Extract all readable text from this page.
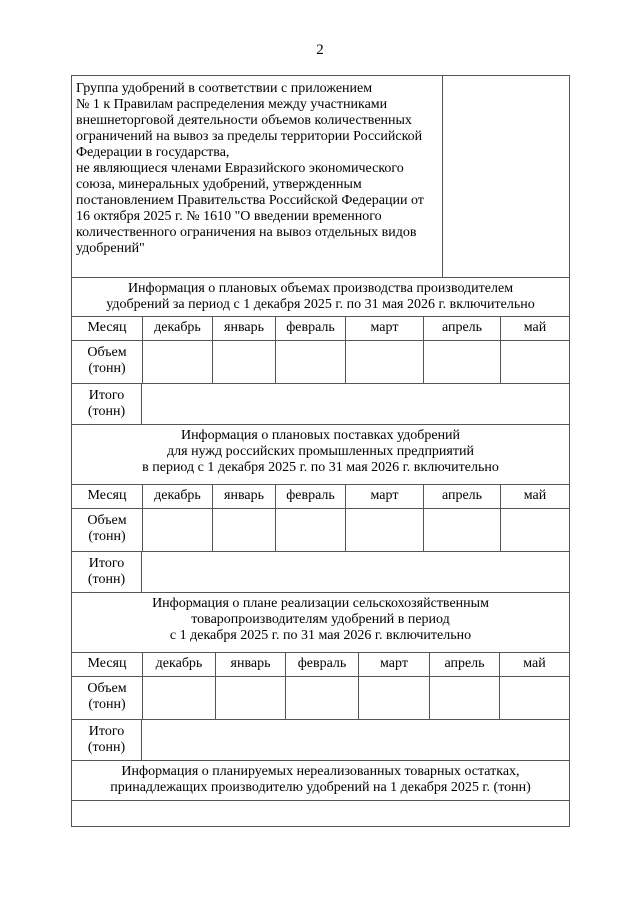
2
Группа удобрений в соответствии с приложением
№ 1 к Правилам распределения между участниками внешнеторговой деятельности объемов количественных ограничений на вывоз за пределы территории Российской Федерации в государства,
не являющиеся членами Евразийского экономического союза, минеральных удобрений, утвержденным постановлением Правительства Российской Федерации от 16 октября 2025 г. № 1610 "О введении временного количественного ограничения на вывоз отдельных видов удобрений"
Информация о плановых объемах производства производителем
удобрений за период с 1 декабря 2025 г. по 31 мая 2026 г. включительно
Месяц	декабрь	январь	февраль	март	апрель	май
Объем
(тонн)
Итого
(тонн)
Информация о плановых поставках удобрений
для нужд российских промышленных предприятий
в период с 1 декабря 2025 г. по 31 мая 2026 г. включительно
Месяц	декабрь	январь	февраль	март	апрель	май
Объем
(тонн)
Итого
(тонн)
Информация о плане реализации сельскохозяйственным
товаропроизводителям удобрений в период
с 1 декабря 2025 г. по 31 мая 2026 г. включительно
Месяц	декабрь	январь	февраль	март	апрель	май
Объем
(тонн)
Итого
(тонн)
Информация о планируемых нереализованных товарных остатках,
принадлежащих производителю удобрений на 1 декабря 2025 г. (тонн)
